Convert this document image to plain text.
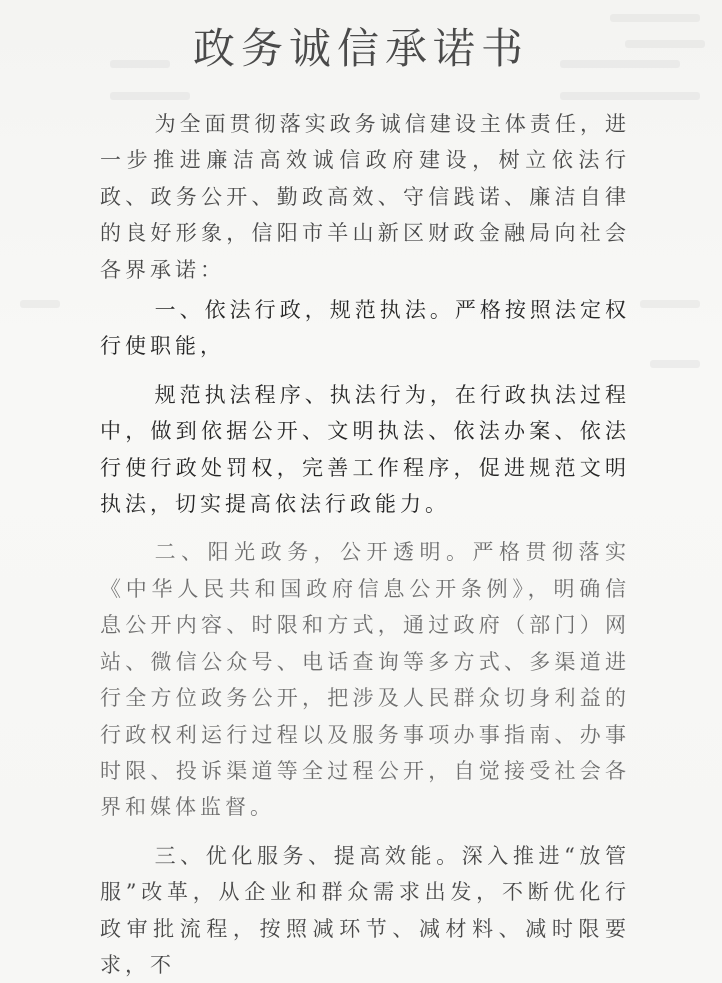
政务诚信承诺书

为全面贯彻落实政务诚信建设主体责任，进一步推进廉洁高效诚信政府建设，树立依法行政、政务公开、勤政高效、守信践诺、廉洁自律的良好形象，信阳市羊山新区财政金融局向社会各界承诺：

一、依法行政，规范执法。严格按照法定权行使职能，

规范执法程序、执法行为，在行政执法过程中，做到依据公开、文明执法、依法办案、依法行使行政处罚权，完善工作程序，促进规范文明执法，切实提高依法行政能力。

二、阳光政务，公开透明。严格贯彻落实《中华人民共和国政府信息公开条例》，明确信息公开内容、时限和方式，通过政府（部门）网站、微信公众号、电话查询等多方式、多渠道进行全方位政务公开，把涉及人民群众切身利益的行政权利运行过程以及服务事项办事指南、办事时限、投诉渠道等全过程公开，自觉接受社会各界和媒体监督。

三、优化服务、提高效能。深入推进“放管服”改革，从企业和群众需求出发，不断优化行政审批流程，按照减环节、减材料、减时限要求，不
